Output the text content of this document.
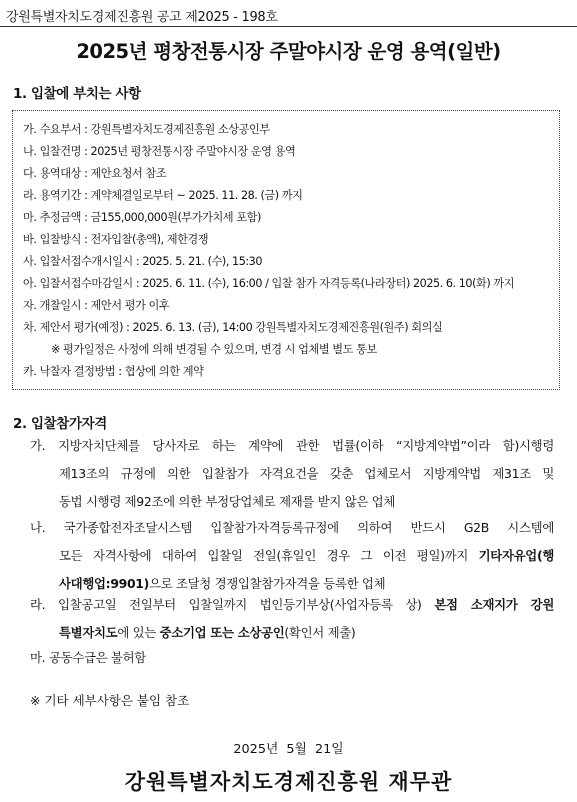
강원특별자치도경제진흥원 공고 제2025 - 198호
2025년 평창전통시장 주말야시장 운영 용역(일반)
1. 입찰에 부치는 사항
가. 수요부서 : 강원특별자치도경제진흥원 소상공인부
나. 입찰건명 : 2025년 평창전통시장 주말야시장 운영 용역
다. 용역대상 : 제안요청서 참조
라. 용역기간 : 계약체결일로부터 ~ 2025. 11. 28. (금) 까지
마. 추정금액 : 금155,000,000원(부가가치세 포함)
바. 입찰방식 : 전자입찰(총액), 제한경쟁
사. 입찰서접수개시일시 : 2025. 5. 21. (수), 15:30
아. 입찰서접수마감일시 : 2025. 6. 11. (수), 16:00 / 입찰 참가 자격등록(나라장터) 2025. 6. 10(화) 까지
자. 개찰일시 : 제안서 평가 이후
차. 제안서 평가(예정) : 2025. 6. 13. (금), 14:00 강원특별자치도경제진흥원(원주) 회의실
※ 평가일정은 사정에 의해 변경될 수 있으며, 변경 시 업체별 별도 통보
카. 낙찰자 결정방법 : 협상에 의한 계약
2. 입찰참가자격
가. 지방자치단체를 당사자로 하는 계약에 관한 법률(이하 “지방계약법”이라 함)시행령
제13조의 규정에 의한 입찰참가 자격요건을 갖춘 업체로서 지방계약법 제31조 및
동법 시행령 제92조에 의한 부정당업체로 제재를 받지 않은 업체
나. 국가종합전자조달시스템 입찰참가자격등록규정에 의하여 반드시 G2B 시스템에
모든 자격사항에 대하여 입찰일 전일(휴일인 경우 그 이전 평일)까지 기타자유업(행
사대행업:9901)으로 조달청 경쟁입찰참가자격을 등록한 업체
라. 입찰공고일 전일부터 입찰일까지 법인등기부상(사업자등록 상) 본점 소재지가 강원
특별자치도에 있는 중소기업 또는 소상공인(확인서 제출)
마. 공동수급은 불허함
※ 기타 세부사항은 붙임 참조
2025년 5월 21일
강원특별자치도경제진흥원 재무관
